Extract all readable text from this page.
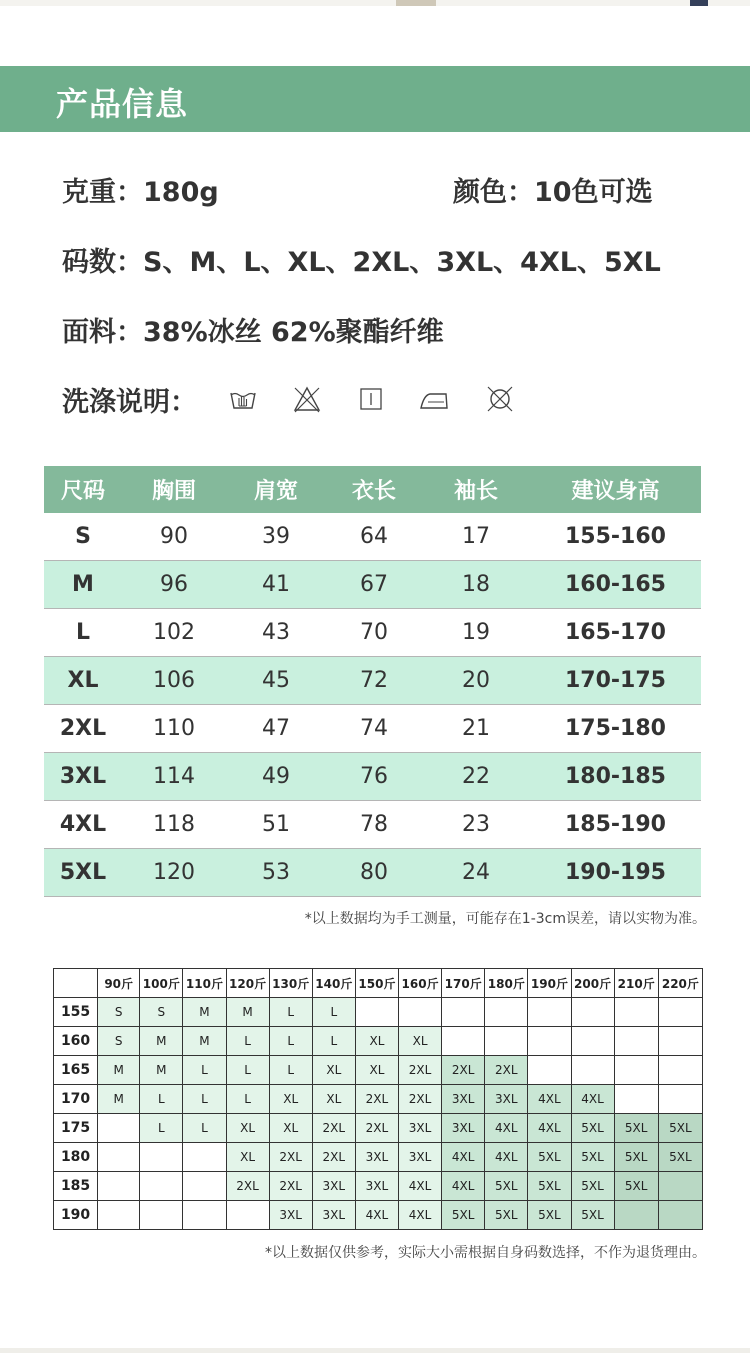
产品信息
克重：180g	颜色：10色可选
码数：S、M、L、XL、2XL、3XL、4XL、5XL
面料：38%冰丝 62%聚酯纤维
洗涤说明：
尺码	胸围	肩宽	衣长	袖长	建议身高
S	90	39	64	17	155-160
M	96	41	67	18	160-165
L	102	43	70	19	165-170
XL	106	45	72	20	170-175
2XL	110	47	74	21	175-180
3XL	114	49	76	22	180-185
4XL	118	51	78	23	185-190
5XL	120	53	80	24	190-195
*以上数据均为手工测量，可能存在1-3cm误差，请以实物为准。
	90斤	100斤	110斤	120斤	130斤	140斤	150斤	160斤	170斤	180斤	190斤	200斤	210斤	220斤
155	S	S	M	M	L	L								
160	S	M	M	L	L	L	XL	XL						
165	M	M	L	L	L	XL	XL	2XL	2XL	2XL				
170	M	L	L	L	XL	XL	2XL	2XL	3XL	3XL	4XL	4XL		
175		L	L	XL	XL	2XL	2XL	3XL	3XL	4XL	4XL	5XL	5XL	5XL
180				XL	2XL	2XL	3XL	3XL	4XL	4XL	5XL	5XL	5XL	5XL
185				2XL	2XL	3XL	3XL	4XL	4XL	5XL	5XL	5XL	5XL	
190					3XL	3XL	4XL	4XL	5XL	5XL	5XL	5XL		
*以上数据仅供参考，实际大小需根据自身码数选择，不作为退货理由。
